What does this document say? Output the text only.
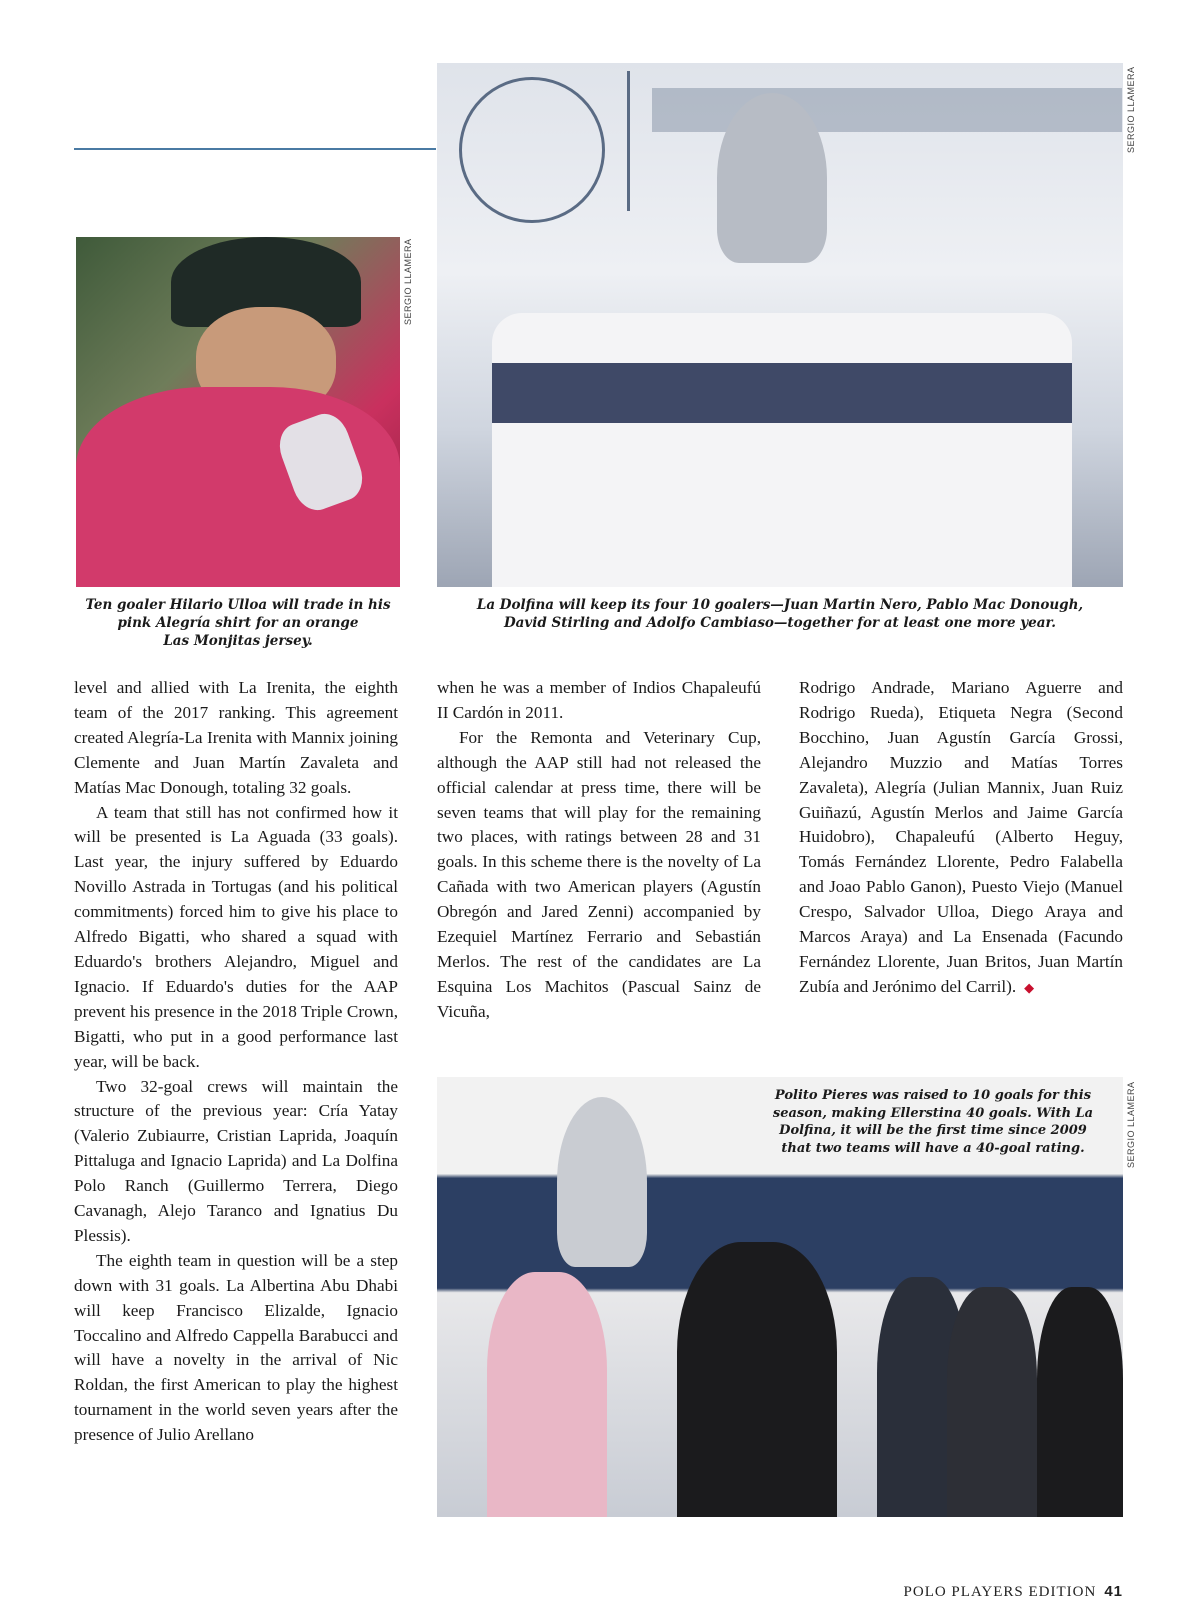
SERGIO LLAMERA
SERGIO LLAMERA
Ten goaler Hilario Ulloa will trade in his
pink Alegría shirt for an orange
Las Monjitas jersey.
La Dolfina will keep its four 10 goalers—Juan Martin Nero, Pablo Mac Donough,
David Stirling and Adolfo Cambiaso—together for at least one more year.

level and allied with La Irenita, the eighth team of the 2017 ranking. This agreement created Alegría-La Irenita with Mannix joining Clemente and Juan Martín Zavaleta and Matías Mac Donough, totaling 32 goals.

A team that still has not confirmed how it will be presented is La Aguada (33 goals). Last year, the injury suffered by Eduardo Novillo Astrada in Tortugas (and his political commitments) forced him to give his place to Alfredo Bigatti, who shared a squad with Eduardo's brothers Alejandro, Miguel and Ignacio. If Eduardo's duties for the AAP prevent his presence in the 2018 Triple Crown, Bigatti, who put in a good performance last year, will be back.

Two 32-goal crews will maintain the structure of the previous year: Cría Yatay (Valerio Zubiaurre, Cristian Laprida, Joaquín Pittaluga and Ignacio Laprida) and La Dolfina Polo Ranch (Guillermo Terrera, Diego Cavanagh, Alejo Taranco and Ignatius Du Plessis).

The eighth team in question will be a step down with 31 goals. La Albertina Abu Dhabi will keep Francisco Elizalde, Ignacio Toccalino and Alfredo Cappella Barabucci and will have a novelty in the arrival of Nic Roldan, the first American to play the highest tournament in the world seven years after the presence of Julio Arellano

when he was a member of Indios Chapaleufú II Cardón in 2011.

For the Remonta and Veterinary Cup, although the AAP still had not released the official calendar at press time, there will be seven teams that will play for the remaining two places, with ratings between 28 and 31 goals. In this scheme there is the novelty of La Cañada with two American players (Agustín Obregón and Jared Zenni) accompanied by Ezequiel Martínez Ferrario and Sebastián Merlos. The rest of the candidates are La Esquina Los Machitos (Pascual Sainz de Vicuña,

Rodrigo Andrade, Mariano Aguerre and Rodrigo Rueda), Etiqueta Negra (Second Bocchino, Juan Agustín García Grossi, Alejandro Muzzio and Matías Torres Zavaleta), Alegría (Julian Mannix, Juan Ruiz Guiñazú, Agustín Merlos and Jaime García Huidobro), Chapaleufú (Alberto Heguy, Tomás Fernández Llorente, Pedro Falabella and Joao Pablo Ganon), Puesto Viejo (Manuel Crespo, Salvador Ulloa, Diego Araya and Marcos Araya) and La Ensenada (Facundo Fernández Llorente, Juan Britos, Juan Martín Zubía and Jerónimo del Carril). ◆

Polito Pieres was raised to 10 goals for this
season, making Ellerstina 40 goals. With La
Dolfina, it will be the first time since 2009
that two teams will have a 40-goal rating.	SERGIO LLAMERA
POLO PLAYERS EDITION 41
